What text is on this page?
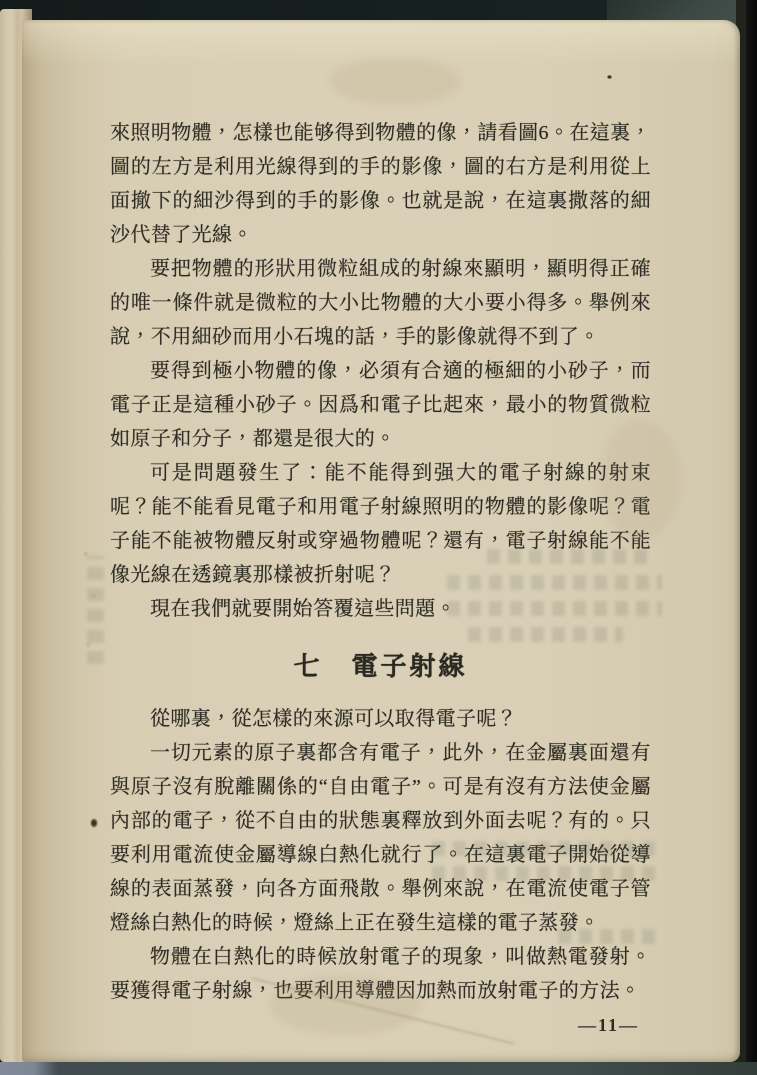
來照明物體，怎樣也能够得到物體的像，請看圖6。在這裏，圖的左方是利用光線得到的手的影像，圖的右方是利用從上面撤下的細沙得到的手的影像。也就是說，在這裏撒落的細沙代替了光線。

要把物體的形狀用微粒組成的射線來顯明，顯明得正確的唯一條件就是微粒的大小比物體的大小要小得多。舉例來說，不用細砂而用小石塊的話，手的影像就得不到了。

要得到極小物體的像，必須有合適的極細的小砂子，而電子正是這種小砂子。因爲和電子比起來，最小的物質微粒如原子和分子，都還是很大的。

可是問題發生了：能不能得到强大的電子射線的射束呢？能不能看見電子和用電子射線照明的物體的影像呢？電子能不能被物體反射或穿過物體呢？還有，電子射線能不能像光線在透鏡裏那樣被折射呢？

現在我們就要開始答覆這些問題。

七　電子射線

從哪裏，從怎樣的來源可以取得電子呢？

一切元素的原子裏都含有電子，此外，在金屬裏面還有與原子沒有脫離關係的“自由電子”。可是有沒有方法使金屬內部的電子，從不自由的狀態裏釋放到外面去呢？有的。只要利用電流使金屬導線白熱化就行了。在這裏電子開始從導線的表面蒸發，向各方面飛散。舉例來說，在電流使電子管燈絲白熱化的時候，燈絲上正在發生這樣的電子蒸發。

物體在白熱化的時候放射電子的現象，叫做熱電發射。要獲得電子射線，也要利用導體因加熱而放射電子的方法。

—11—
